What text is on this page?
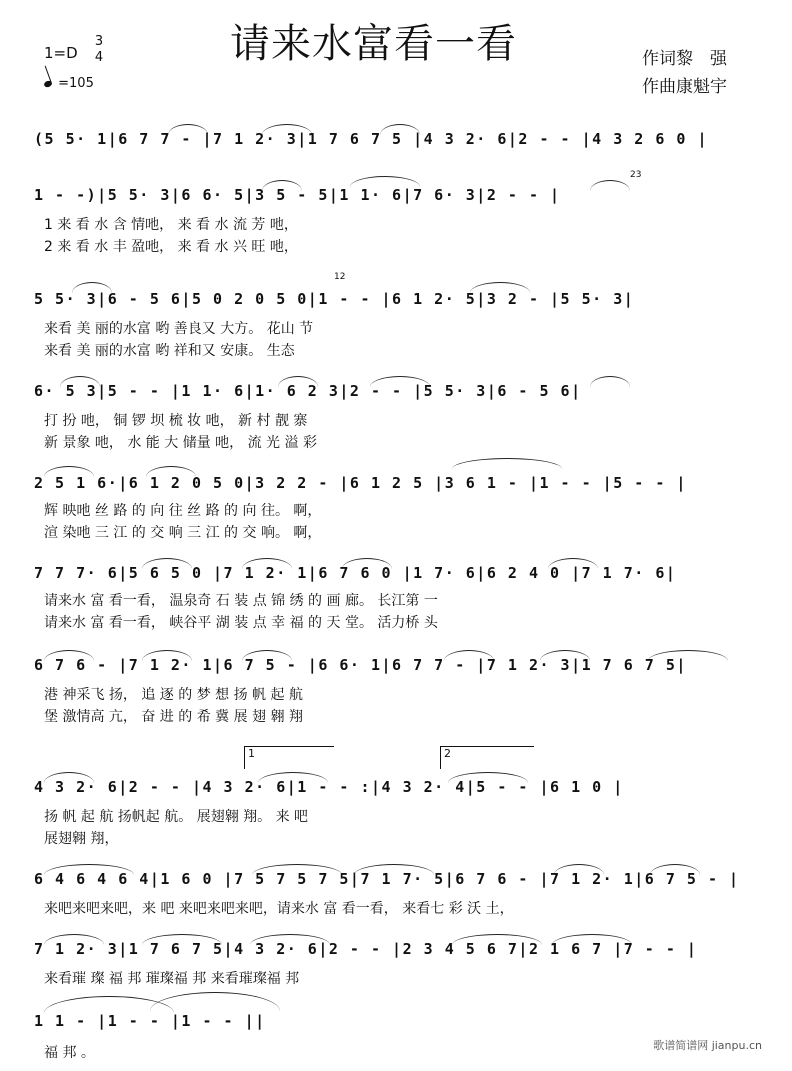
请来水富看一看
1=D
3
4
=105
作词黎　强
作曲康魁宇
(5 5· 1|6 7 7 - |7 1 2· 3|1 7 6 7 5 |4 3 2· 6|2 - - |4 3 2 6 0 |
1 - -)|5 5· 3|6 6· 5|3 5 - 5|1 1· 6|7 6· 3|2 - - |
23
1 来 看 水 含 情吔， 来 看 水 流 芳 吔，
2 来 看 水 丰 盈吔， 来 看 水 兴 旺 吔，
5 5· 3|6 - 5 6|5 0 2 0 5 0|1 - - |6 1 2· 5|3 2 - |5 5· 3|
12
来看 美 丽的水富 哟 善良又 大方。 花山 节
来看 美 丽的水富 哟 祥和又 安康。 生态
6· 5 3|5 - - |1 1· 6|1· 6 2 3|2 - - |5 5· 3|6 - 5 6|
打 扮 吔， 铜 锣 坝 梳 妆 吔， 新 村 靓 寨
新 景象 吔， 水 能 大 储量 吔， 流 光 溢 彩
2 5 1 6·|6 1 2 0 5 0|3 2 2 - |6 1 2 5 |3 6 1 - |1 - - |5 - - |
辉 映吔 丝 路 的 向 往 丝 路 的 向 往。 啊，
渲 染吔 三 江 的 交 响 三 江 的 交 响。 啊，
7 7 7· 6|5 6 5 0 |7 1 2· 1|6 7 6 0 |1 7· 6|6 2 4 0 |7 1 7· 6|
请来水 富 看一看， 温泉奇 石 装 点 锦 绣 的 画 廊。 长江第 一
请来水 富 看一看， 峡谷平 湖 装 点 幸 福 的 天 堂。 活力桥 头
6 7 6 - |7 1 2· 1|6 7 5 - |6 6· 1|6 7 7 - |7 1 2· 3|1 7 6 7 5|
港 神采飞 扬， 追 逐 的 梦 想 扬 帆 起 航
堡 激情高 亢， 奋 进 的 希 冀 展 翅 翱 翔
1	2
4 3 2· 6|2 - - |4 3 2· 6|1 - - :|4 3 2· 4|5 - - |6 1 0 |
扬 帆 起 航 扬帆起 航。 展翅翱 翔。 来 吧
展翅翱 翔，
6 4 6 4 6 4|1 6 0 |7 5 7 5 7 5|7 1 7· 5|6 7 6 - |7 1 2· 1|6 7 5 - |
来吧来吧来吧，来 吧 来吧来吧来吧，请来水 富 看一看， 来看七 彩 沃 土，
7 1 2· 3|1 7 6 7 5|4 3 2· 6|2 - - |2 3 4 5 6 7|2 1 6 7 |7 - - |
来看璀 璨 福 邦 璀璨福 邦 来看璀璨福 邦
1 1 - |1 - - |1 - - ||
福 邦 。	歌谱简谱网 jianpu.cn
